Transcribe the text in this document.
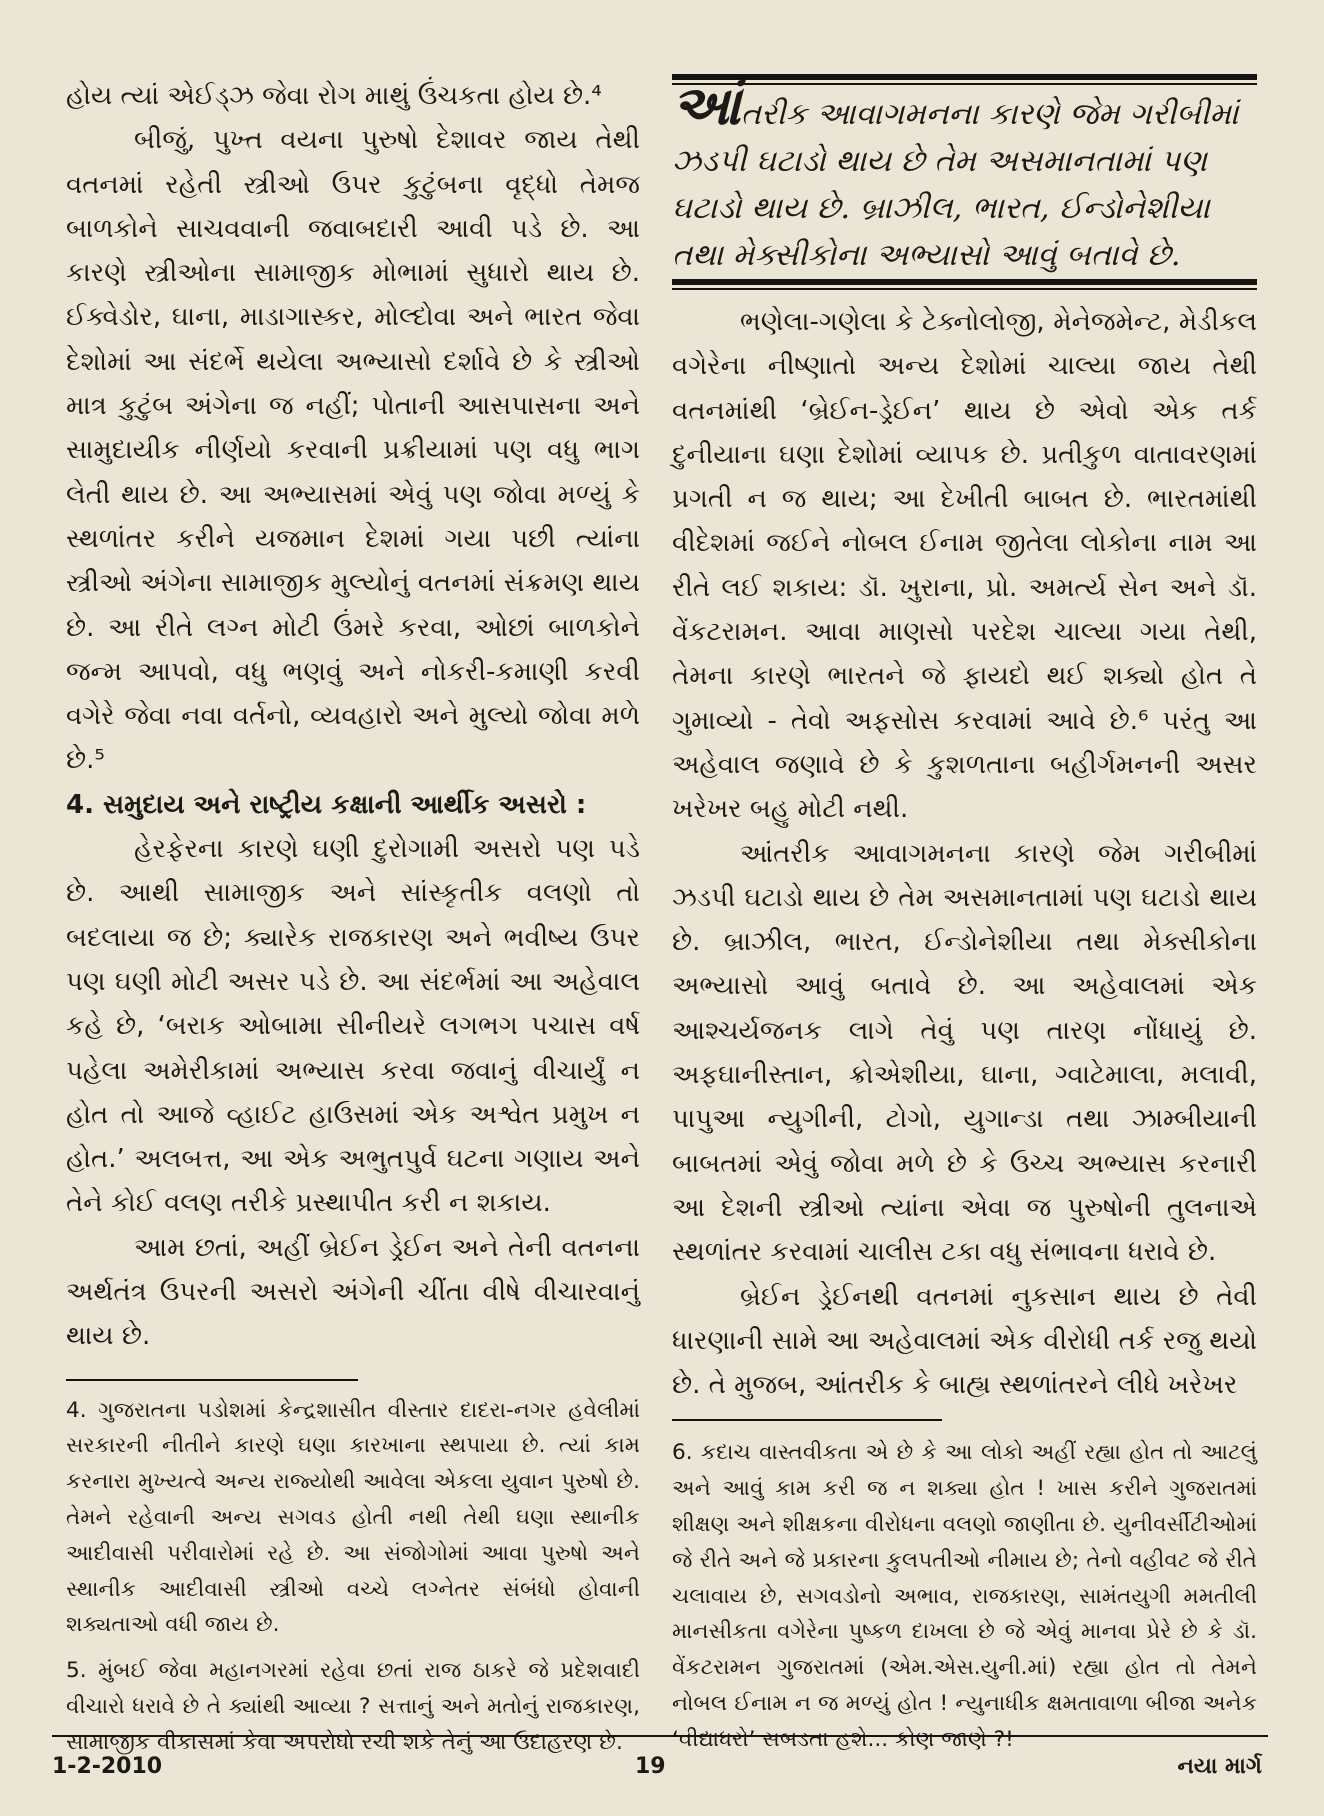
હોય ત્યાં એઈડ્‍ઝ જેવા રોગ માથું ઉંચકતા હોય છે.⁴

બીજું, પુખ્ત વયના પુરુષો દેશાવર જાય તેથી વતનમાં રહેતી સ્ત્રીઓ ઉપર કુટુંબના વૃદ્ધો તેમજ બાળકોને સાચવવાની જવાબદારી આવી પડે છે. આ કારણે સ્ત્રીઓના સામાજીક મોભામાં સુધારો થાય છે. ઈક્વેડોર, ઘાના, માડાગાસ્કર, મોલ્દોવા અને ભારત જેવા દેશોમાં આ સંદર્ભે થયેલા અભ્યાસો દર્શાવે છે કે સ્ત્રીઓ માત્ર કુટુંબ અંગેના જ નહીં; પોતાની આસપાસના અને સામુદાયીક નીર્ણયો કરવાની પ્રક્રીયામાં પણ વધુ ભાગ લેતી થાય છે. આ અભ્યાસમાં એવું પણ જોવા મળ્યું કે સ્થળાંતર કરીને યજમાન દેશમાં ગયા પછી ત્યાંના સ્ત્રીઓ અંગેના સામાજીક મુલ્યોનું વતનમાં સંક્રમણ થાય છે. આ રીતે લગ્ન મોટી ઉંમરે કરવા, ઓછાં બાળકોને જન્મ આપવો, વધુ ભણવું અને નોકરી-કમાણી કરવી વગેરે જેવા નવા વર્તનો, વ્યવહારો અને મુલ્યો જોવા મળે છે.⁵

4. સમુદાય અને રાષ્ટ્રીય કક્ષાની આર્થીક અસરો :

હેરફેરના કારણે ઘણી દુરોગામી અસરો પણ પડે છે. આથી સામાજીક અને સાંસ્કૃતીક વલણો તો બદલાયા જ છે; ક્યારેક રાજકારણ અને ભવીષ્ય ઉપર પણ ઘણી મોટી અસર પડે છે. આ સંદર્ભમાં આ અહેવાલ કહે છે, ‘બરાક ઓબામા સીનીયરે લગભગ પચાસ વર્ષ પહેલા અમેરીકામાં અભ્યાસ કરવા જવાનું વીચાર્યું ન હોત તો આજે વ્હાઈટ હાઉસમાં એક અશ્વેત પ્રમુખ ન હોત.’ અલબત્ત, આ એક અભુતપુર્વ ઘટના ગણાય અને તેને કોઈ વલણ તરીકે પ્રસ્થાપીત કરી ન શકાય.

આમ છતાં, અહીં બ્રેઈન ડ્રેઈન અને તેની વતનના અર્થતંત્ર ઉપરની અસરો અંગેની ચીંતા વીષે વીચારવાનું થાય છે.

4. ગુજરાતના પડોશમાં કેન્દ્રશાસીત વીસ્તાર દાદરા-નગર હવેલીમાં સરકારની નીતીને કારણે ઘણા કારખાના સ્થપાયા છે. ત્યાં કામ કરનારા મુખ્યત્વે અન્ય રાજ્યોથી આવેલા એકલા યુવાન પુરુષો છે. તેમને રહેવાની અન્ય સગવડ હોતી નથી તેથી ઘણા સ્થાનીક આદીવાસી પરીવારોમાં રહે છે. આ સંજોગોમાં આવા પુરુષો અને સ્થાનીક આદીવાસી સ્ત્રીઓ વચ્ચે લગ્નેતર સંબંધો હોવાની શક્યતાઓ વધી જાય છે.

5. મુંબઈ જેવા મહાનગરમાં રહેવા છતાં રાજ ઠાકરે જે પ્રદેશવાદી વીચારો ધરાવે છે તે ક્યાંથી આવ્યા ? સત્તાનું અને મતોનું રાજકારણ, સામાજીક વીકાસમાં કેવા અપરોધો રચી શકે તેનું આ ઉદાહરણ છે.

આંતરીક આવાગમનના કારણે જેમ ગરીબીમાં ઝડપી ઘટાડો થાય છે તેમ અસમાનતામાં પણ ઘટાડો થાય છે. બ્રાઝીલ, ભારત, ઈન્ડોનેશીયા તથા મેક્સીકોના અભ્યાસો આવું બતાવે છે.

ભણેલા-ગણેલા કે ટેક્નોલોજી, મેનેજમેન્ટ, મેડીકલ વગેરેના નીષ્ણાતો અન્ય દેશોમાં ચાલ્યા જાય તેથી વતનમાંથી ‘બ્રેઈન-ડ્રેઈન’ થાય છે એવો એક તર્ક દુનીયાના ઘણા દેશોમાં વ્યાપક છે. પ્રતીકુળ વાતાવરણમાં પ્રગતી ન જ થાય; આ દેખીતી બાબત છે. ભારતમાંથી વીદેશમાં જઈને નોબલ ઈનામ જીતેલા લોકોના નામ આ રીતે લઈ શકાય: ડૉ. ખુરાના, પ્રો. અમર્ત્ય સેન અને ડૉ. વેંકટરામન. આવા માણસો પરદેશ ચાલ્યા ગયા તેથી, તેમના કારણે ભારતને જે ફાયદો થઈ શક્યો હોત તે ગુમાવ્યો - તેવો અફસોસ કરવામાં આવે છે.⁶ પરંતુ આ અહેવાલ જણાવે છે કે કુશળતાના બહીર્ગમનની અસર ખરેખર બહુ મોટી નથી.

આંતરીક આવાગમનના કારણે જેમ ગરીબીમાં ઝડપી ઘટાડો થાય છે તેમ અસમાનતામાં પણ ઘટાડો થાય છે. બ્રાઝીલ, ભારત, ઈન્ડોનેશીયા તથા મેક્સીકોના અભ્યાસો આવું બતાવે છે. આ અહેવાલમાં એક આશ્ચર્યજનક લાગે તેવું પણ તારણ નોંધાયું છે. અફઘાનીસ્તાન, ક્રોએશીયા, ઘાના, ગ્વાટેમાલા, મલાવી, પાપુઆ ન્યુગીની, ટોગો, યુગાન્ડા તથા ઝામ્બીયાની બાબતમાં એવું જોવા મળે છે કે ઉચ્ચ અભ્યાસ કરનારી આ દેશની સ્ત્રીઓ ત્યાંના એવા જ પુરુષોની તુલનાએ સ્થળાંતર કરવામાં ચાલીસ ટકા વધુ સંભાવના ધરાવે છે.

બ્રેઈન ડ્રેઈનથી વતનમાં નુકસાન થાય છે તેવી ધારણાની સામે આ અહેવાલમાં એક વીરોધી તર્ક રજુ થયો છે. તે મુજબ, આંતરીક કે બાહ્ય સ્થળાંતરને લીધે ખરેખર

6. કદાચ વાસ્તવીકતા એ છે કે આ લોકો અહીં રહ્યા હોત તો આટલું અને આવું કામ કરી જ ન શક્યા હોત ! ખાસ કરીને ગુજરાતમાં શીક્ષણ અને શીક્ષકના વીરોધના વલણો જાણીતા છે. યુનીવર્સીટીઓમાં જે રીતે અને જે પ્રકારના કુલપતીઓ નીમાય છે; તેનો વહીવટ જે રીતે ચલાવાય છે, સગવડોનો અભાવ, રાજકારણ, સામંતયુગી મમતીલી માનસીકતા વગેરેના પુષ્કળ દાખલા છે જે એવું માનવા પ્રેરે છે કે ડૉ. વેંકટરામન ગુજરાતમાં (એમ.એસ.યુની.માં) રહ્યા હોત તો તેમને નોબલ ઈનામ ન જ મળ્યું હોત ! ન્યુનાધીક ક્ષમતાવાળા બીજા અનેક ‘વીદ્યાધરો’ સબડતા હશે... કોણ જાણે ?!

1-2-2010	19	નયા માર્ગ
